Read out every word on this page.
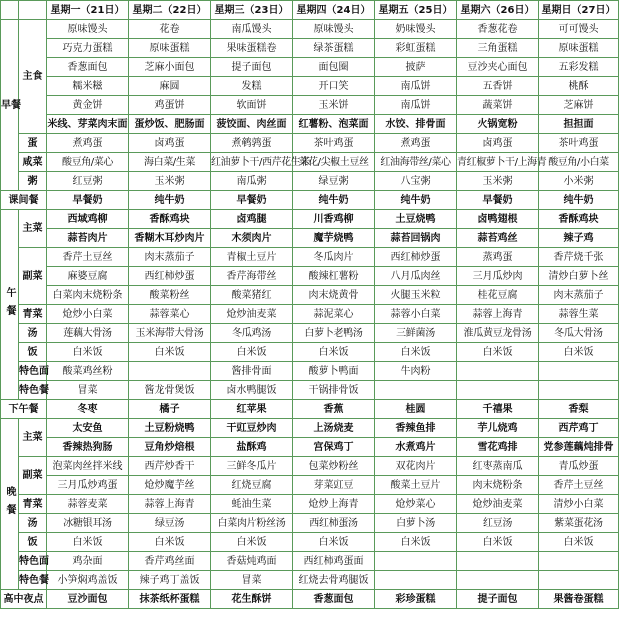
		星期一（21日）	星期二（22日）	星期三（23日）	星期四（24日）	星期五（25日）	星期六（26日）	星期日（27日）
早餐	主食	原味馒头	花卷	南瓜馒头	原味馒头	奶味馒头	香葱花卷	可可馒头
		巧克力蛋糕	原味蛋糕	果味蛋糕卷	绿茶蛋糕	彩虹蛋糕	三角蛋糕	原味蛋糕
		香葱面包	芝麻小面包	提子面包	面包圈	披萨	豆沙夹心面包	五彩发糕
		糯米糍	麻圆	发糕	开口笑	南瓜饼	五香饼	桃酥
		黄金饼	鸡蛋饼	软面饼	玉米饼	南瓜饼	蔬菜饼	芝麻饼
		米线、芽菜肉末面	蛋炒饭、肥肠面	菠饺面、肉丝面	红薯粉、泡菜面	水饺、排骨面	火锅宽粉	担担面
	蛋	煮鸡蛋	卤鸡蛋	煮鹌鹑蛋	茶叶鸡蛋	煮鸡蛋	卤鸡蛋	茶叶鸡蛋
	咸菜	酸豆角/菜心	海白菜/生菜	红油萝卜干/西芹花生米	菜花/尖椒土豆丝	红油海带丝/菜心	青红椒萝卜干/上海青	酸豆角/小白菜
	粥	红豆粥	玉米粥	南瓜粥	绿豆粥	八宝粥	玉米粥	小米粥
课间餐		早餐奶	纯牛奶	早餐奶	纯牛奶	纯牛奶	早餐奶	纯牛奶
午餐	主菜	西域鸡柳	香酥鸡块	卤鸡腿	川香鸡柳	土豆烧鸭	卤鸭翅根	香酥鸡块
		蒜苔肉片	香糊木耳炒肉片	木须肉片	魔芋烧鸭	蒜苔回锅肉	蒜苔鸡丝	辣子鸡
	副菜	香芹土豆丝	肉末蒸茄子	青椒土豆片	冬瓜肉片	西红柿炒蛋	蒸鸡蛋	香芹烧千张
		麻婆豆腐	西红柿炒蛋	香芹海带丝	酸辣杠薯粉	八月瓜肉丝	三月瓜炒肉	清炒白萝卜丝
		白菜肉末烧粉条	酸菜粉丝	酸菜猪红	肉末烧黄骨	火腿玉米粒	桂花豆腐	肉末蒸茄子
	青菜	炝炒小白菜	蒜蓉菜心	炝炒油麦菜	蒜泥菜心	蒜蓉小白菜	蒜蓉上海青	蒜蓉生菜
	汤	莲藕大骨汤	玉米海带大骨汤	冬瓜鸡汤	白萝卜老鸭汤	三鲜菌汤	淮瓜黄豆龙骨汤	冬瓜大骨汤
	饭	白米饭	白米饭	白米饭	白米饭	白米饭	白米饭	白米饭
	特色面	酸菜鸡丝粉		酱排骨面	酸萝卜鸭面	牛肉粉		
	特色餐	冒菜	酱龙骨煲饭	卤水鸭腿饭	干锅排骨饭			
下午餐		冬枣	橘子	红苹果	香蕉	桂圆	千禧果	香梨
晚餐	主菜	太安鱼	土豆粉烧鸭	干豇豆炒肉	上汤烧麦	香辣鱼排	芋儿烧鸡	西芹鸡丁
		香辣热狗肠	豆角炒焙根	盐酥鸡	宫保鸡丁	水煮鸡片	雪花鸡排	党参莲藕炖排骨
	副菜	泡菜肉丝拌米线	西芹炒香干	三鲜冬瓜片	包菜炒粉丝	双花肉片	红枣蒸南瓜	青瓜炒蛋
		三月瓜炒鸡蛋	炝炒魔芋丝	红烧豆腐	芽菜豇豆	酸菜土豆片	肉末烧粉条	香芹土豆丝
	青菜	蒜蓉麦菜	蒜蓉上海青	蚝油生菜	炝炒上海青	炝炒菜心	炝炒油麦菜	清炒小白菜
	汤	冰糖银耳汤	绿豆汤	白菜肉片粉丝汤	西红柿蛋汤	白萝卜汤	红豆汤	紫菜蛋花汤
	饭	白米饭	白米饭	白米饭	白米饭	白米饭	白米饭	白米饭
	特色面	鸡杂面	香芹鸡丝面	香菇炖鸡面	西红柿鸡蛋面			
	特色餐	小笋焖鸡盖饭	辣子鸡丁盖饭	冒菜	红烧去骨鸡腿饭			
高中夜点		豆沙面包	抹茶纸杯蛋糕	花生酥饼	香葱面包	彩珍蛋糕	提子面包	果酱卷蛋糕
